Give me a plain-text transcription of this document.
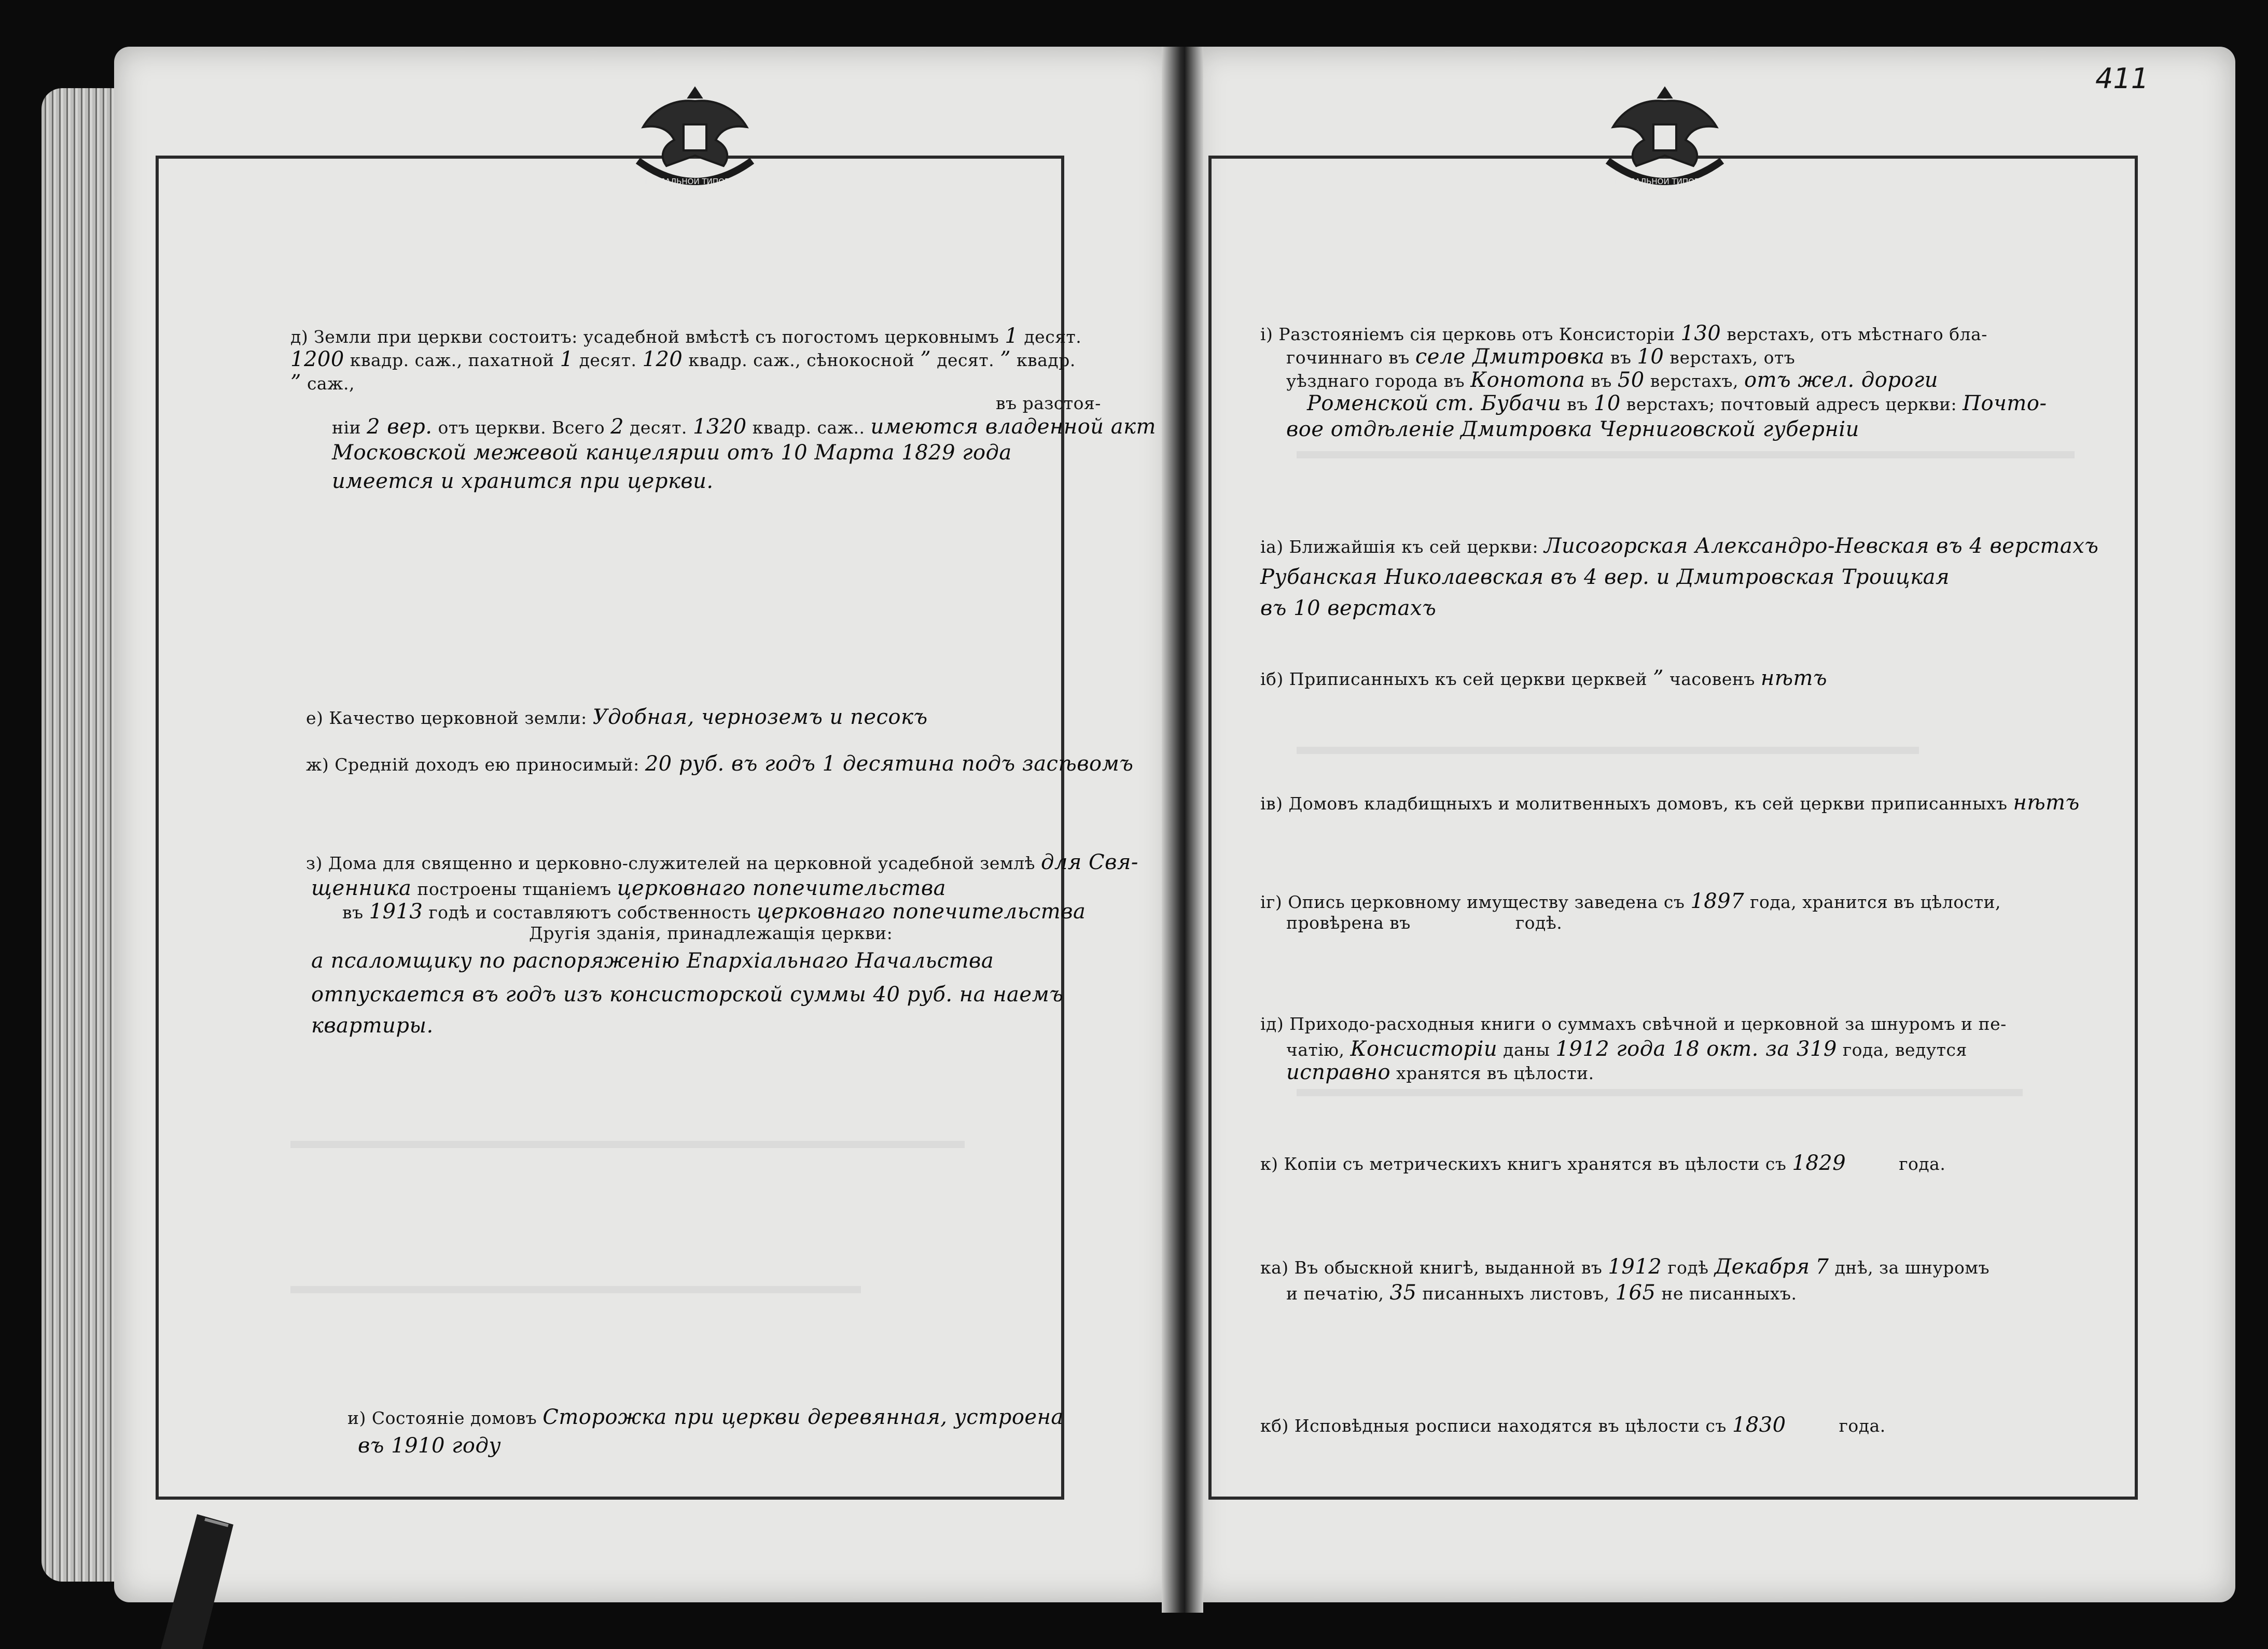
СИНОДАЛЬНОЙ ТИПОГРАФІИ	СИНОДАЛЬНОЙ ТИПОГРАФІИ
411
д) Земли при церкви состоитъ: усадебной вмѣстѣ съ погостомъ церковнымъ 1 десят.
1200 квадр. саж., пахатной 1 десят. 120 квадр. саж., сѣнокосной ” десят. ” квадр.
” саж.,
въ разстоя-
ніи 2 вер. отъ церкви. Всего 2 десят. 1320 квадр. саж.. имеются владенной акт
Московской межевой канцелярии отъ 10 Марта 1829 года
имеется и хранится при церкви.
е) Качество церковной земли: Удобная, черноземъ и песокъ
ж) Средній доходъ ею приносимый: 20 руб. въ годъ 1 десятина подъ засѣвомъ
з) Дома для священно и церковно-служителей на церковной усадебной землѣ для Свя-
щенника построены тщаніемъ церковнаго попечительства
въ 1913 годѣ и составляютъ собственность церковнаго попечительства
Другія зданія, принадлежащія церкви:
а псаломщику по распоряженію Епархіальнаго Начальства
отпускается въ годъ изъ консисторской суммы 40 руб. на наемъ
квартиры.
и) Состояніе домовъ Сторожка при церкви деревянная, устроена
въ 1910 году
і) Разстояніемъ сія церковь отъ Консисторіи 130 верстахъ, отъ мѣстнаго бла-
гочиннаго въ селе Дмитровка въ 10 верстахъ, отъ
уѣзднаго города въ Конотопа въ 50 верстахъ, отъ жел. дороги
Роменской ст. Бубачи въ 10 верстахъ; почтовый адресъ церкви: Почто-
вое отдѣленіе Дмитровка Черниговской губерніи
іа) Ближайшія къ сей церкви: Лисогорская Александро-Невская въ 4 верстахъ
Рубанская Николаевская въ 4 вер. и Дмитровская Троицкая
въ 10 верстахъ
іб) Приписанныхъ къ сей церкви церквей ” часовенъ нѣтъ
ів) Домовъ кладбищныхъ и молитвенныхъ домовъ, къ сей церкви приписанныхъ нѣтъ
іг) Опись церковному имуществу заведена съ 1897 года, хранится въ цѣлости,
провѣрена въ	годѣ.
ід) Приходо-расходныя книги о суммахъ свѣчной и церковной за шнуромъ и пе-
чатію, Консисторіи даны 1912 года 18 окт. за 319 года, ведутся
исправно хранятся въ цѣлости.
к) Копіи съ метрическихъ книгъ хранятся въ цѣлости съ 1829	года.
ка) Въ обыскной книгѣ, выданной въ 1912 годѣ Декабря 7 днѣ, за шнуромъ
и печатію, 35 писанныхъ листовъ, 165 не писанныхъ.
кб) Исповѣдныя росписи находятся въ цѣлости съ 1830	года.
